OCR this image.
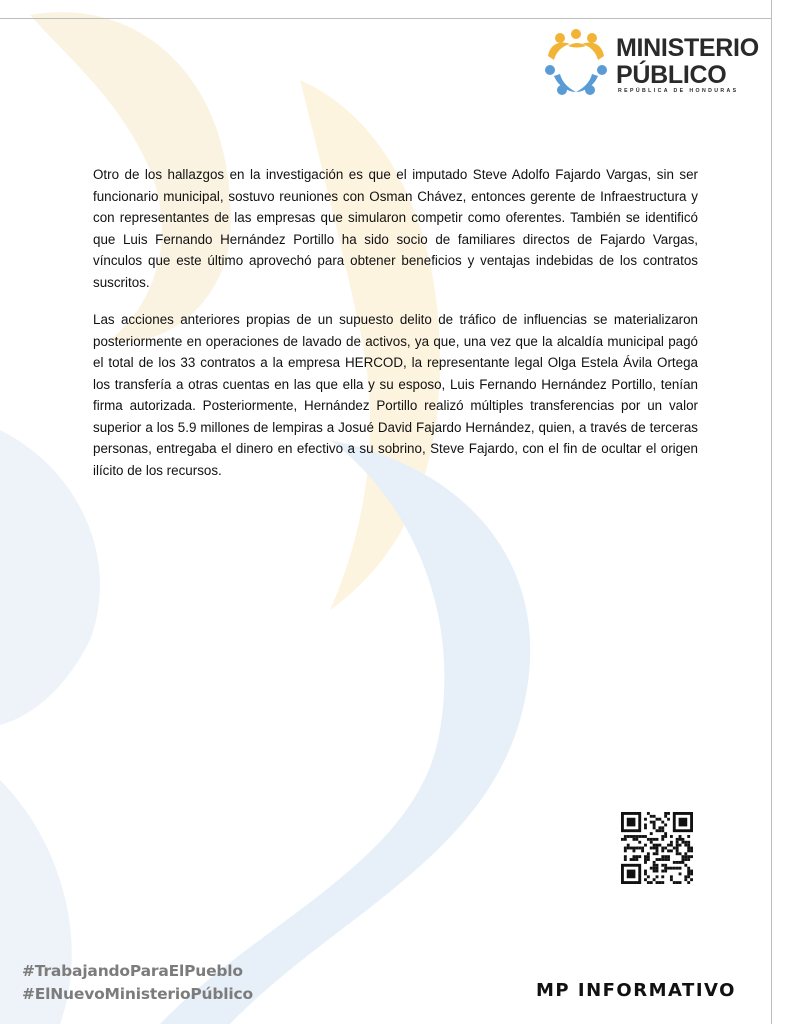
MINISTERIO
PÚBLICO
REPÚBLICA DE HONDURAS

Otro de los hallazgos en la investigación es que el imputado Steve Adolfo Fajardo Vargas, sin ser funcionario municipal, sostuvo reuniones con Osman Chávez, entonces gerente de Infraestructura y con representantes de las empresas que simularon competir como oferentes. También se identificó que Luis Fernando Hernández Portillo ha sido socio de familiares directos de Fajardo Vargas, vínculos que este último aprovechó para obtener beneficios y ventajas indebidas de los contratos suscritos.

Las acciones anteriores propias de un supuesto delito de tráfico de influencias se materializaron posteriormente en operaciones de lavado de activos, ya que, una vez que la alcaldía municipal pagó el total de los 33 contratos a la empresa HERCOD, la representante legal Olga Estela Ávila Ortega los transfería a otras cuentas en las que ella y su esposo, Luis Fernando Hernández Portillo, tenían firma autorizada. Posteriormente, Hernández Portillo realizó múltiples transferencias por un valor superior a los 5.9 millones de lempiras a Josué David Fajardo Hernández, quien, a través de terceras personas, entregaba el dinero en efectivo a su sobrino, Steve Fajardo, con el fin de ocultar el origen ilícito de los recursos.

#TrabajandoParaElPueblo
#ElNuevoMinisterioPúblico	MP INFORMATIVO
